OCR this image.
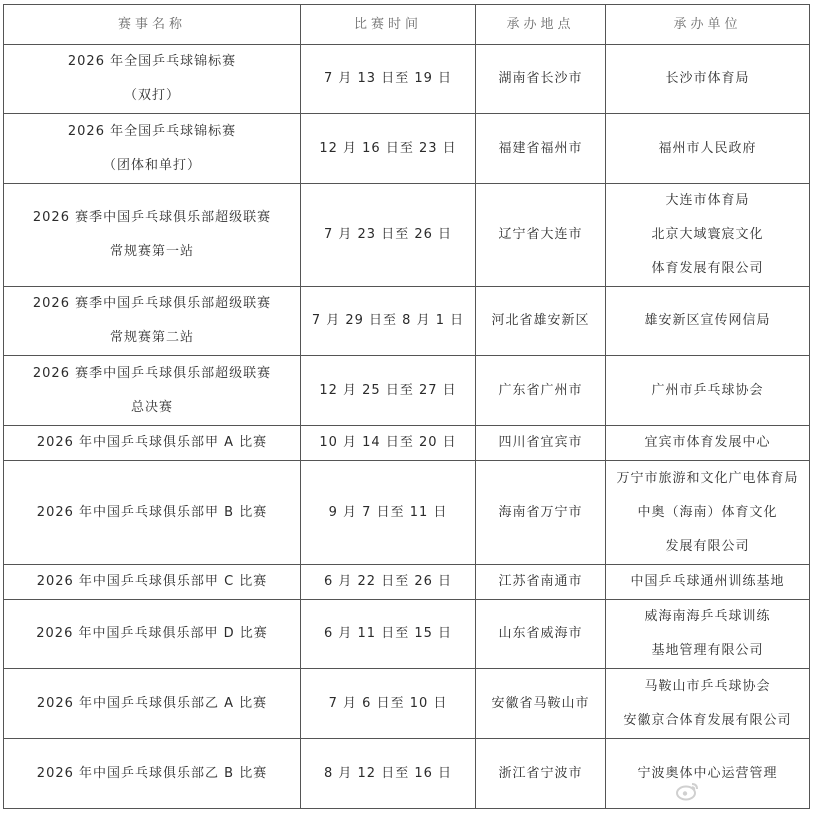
赛事名称	比赛时间	承办地点	承办单位

2026 年全国乒乓球锦标赛
（双打）	7 月 13 日至 19 日	湖南省长沙市	长沙市体育局

2026 年全国乒乓球锦标赛
（团体和单打）	12 月 16 日至 23 日	福建省福州市	福州市人民政府

2026 赛季中国乒乓球俱乐部超级联赛
常规赛第一站	7 月 23 日至 26 日	辽宁省大连市	大连市体育局
北京大域寰宸文化
体育发展有限公司

2026 赛季中国乒乓球俱乐部超级联赛
常规赛第二站	7 月 29 日至 8 月 1 日	河北省雄安新区	雄安新区宣传网信局

2026 赛季中国乒乓球俱乐部超级联赛
总决赛	12 月 25 日至 27 日	广东省广州市	广州市乒乓球协会

2026 年中国乒乓球俱乐部甲 A 比赛	10 月 14 日至 20 日	四川省宜宾市	宜宾市体育发展中心

2026 年中国乒乓球俱乐部甲 B 比赛	9 月 7 日至 11 日	海南省万宁市	万宁市旅游和文化广电体育局
中奥（海南）体育文化
发展有限公司

2026 年中国乒乓球俱乐部甲 C 比赛	6 月 22 日至 26 日	江苏省南通市	中国乒乓球通州训练基地

2026 年中国乒乓球俱乐部甲 D 比赛	6 月 11 日至 15 日	山东省威海市	威海南海乒乓球训练
基地管理有限公司

2026 年中国乒乓球俱乐部乙 A 比赛	7 月 6 日至 10 日	安徽省马鞍山市	马鞍山市乒乓球协会
安徽京合体育发展有限公司

2026 年中国乒乓球俱乐部乙 B 比赛	8 月 12 日至 16 日	浙江省宁波市	宁波奥体中心运营管理
